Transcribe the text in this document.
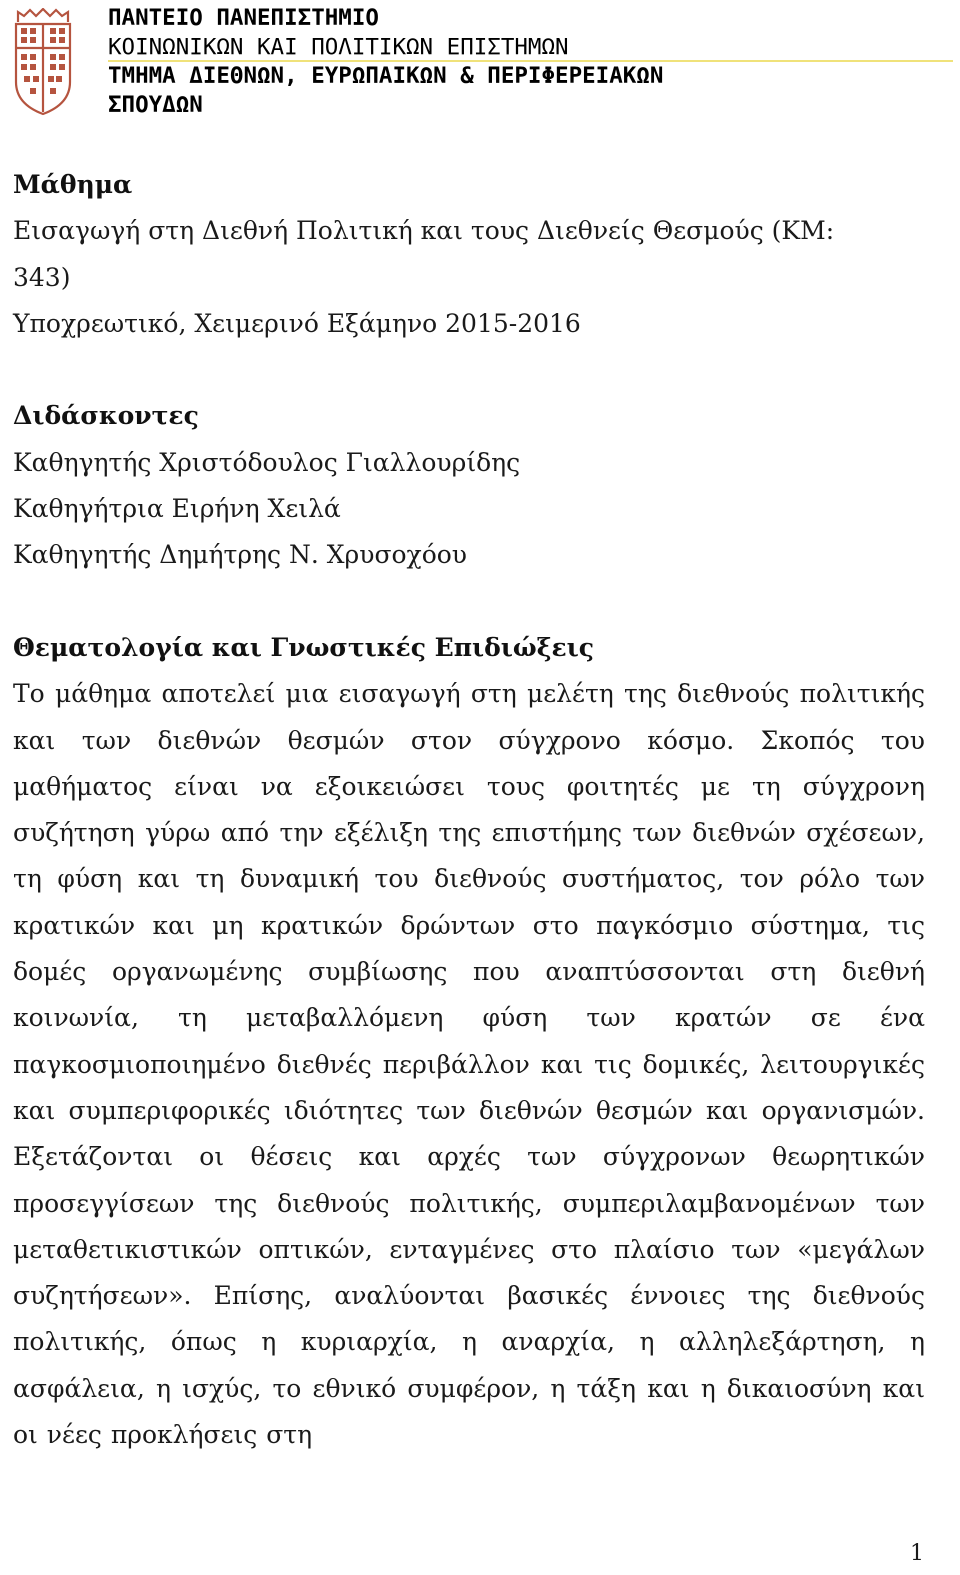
ΠΑΝΤΕΙΟ ΠΑΝΕΠΙΣΤΗΜΙΟ
ΚΟΙΝΩΝΙΚΩΝ ΚΑΙ ΠΟΛΙΤΙΚΩΝ ΕΠΙΣΤΗΜΩΝ
ΤΜΗΜΑ ΔΙΕΘΝΩΝ, ΕΥΡΩΠΑΙΚΩΝ & ΠΕΡΙΦΕΡΕΙΑΚΩΝ
ΣΠΟΥΔΩΝ
Μάθημα

Εισαγωγή στη Διεθνή Πολιτική και τους Διεθνείς Θεσμούς (ΚΜ:

343)

Υποχρεωτικό, Χειμερινό Εξάμηνο 2015-2016

Διδάσκοντες

Καθηγητής Χριστόδουλος Γιαλλουρίδης

Καθηγήτρια Ειρήνη Χειλά

Καθηγητής Δημήτρης Ν. Χρυσοχόου

Θεματολογία και Γνωστικές Επιδιώξεις

Το μάθημα αποτελεί μια εισαγωγή στη μελέτη της διεθνούς πολιτικής και των διεθνών θεσμών στον σύγχρονο κόσμο. Σκοπός του μαθήματος είναι να εξοικειώσει τους φοιτητές με τη σύγχρονη συζήτηση γύρω από την εξέλιξη της επιστήμης των διεθνών σχέσεων, τη φύση και τη δυναμική του διεθνούς συστήματος, τον ρόλο των κρατικών και μη κρατικών δρώντων στο παγκόσμιο σύστημα, τις δομές οργανωμένης συμβίωσης που αναπτύσσονται στη διεθνή κοινωνία, τη μεταβαλλόμενη φύση των κρατών σε ένα παγκοσμιοποιημένο διεθνές περιβάλλον και τις δομικές, λειτουργικές και συμπεριφορικές ιδιότητες των διεθνών θεσμών και οργανισμών. Εξετάζονται οι θέσεις και αρχές των σύγχρονων θεωρητικών προσεγγίσεων της διεθνούς πολιτικής, συμπεριλαμβανομένων των μεταθετικιστικών οπτικών, ενταγμένες στο πλαίσιο των «μεγάλων συζητήσεων». Επίσης, αναλύονται βασικές έννοιες της διεθνούς πολιτικής, όπως η κυριαρχία, η αναρχία, η αλληλεξάρτηση, η ασφάλεια, η ισχύς, το εθνικό συμφέρον, η τάξη και η δικαιοσύνη και οι νέες προκλήσεις στη

1
